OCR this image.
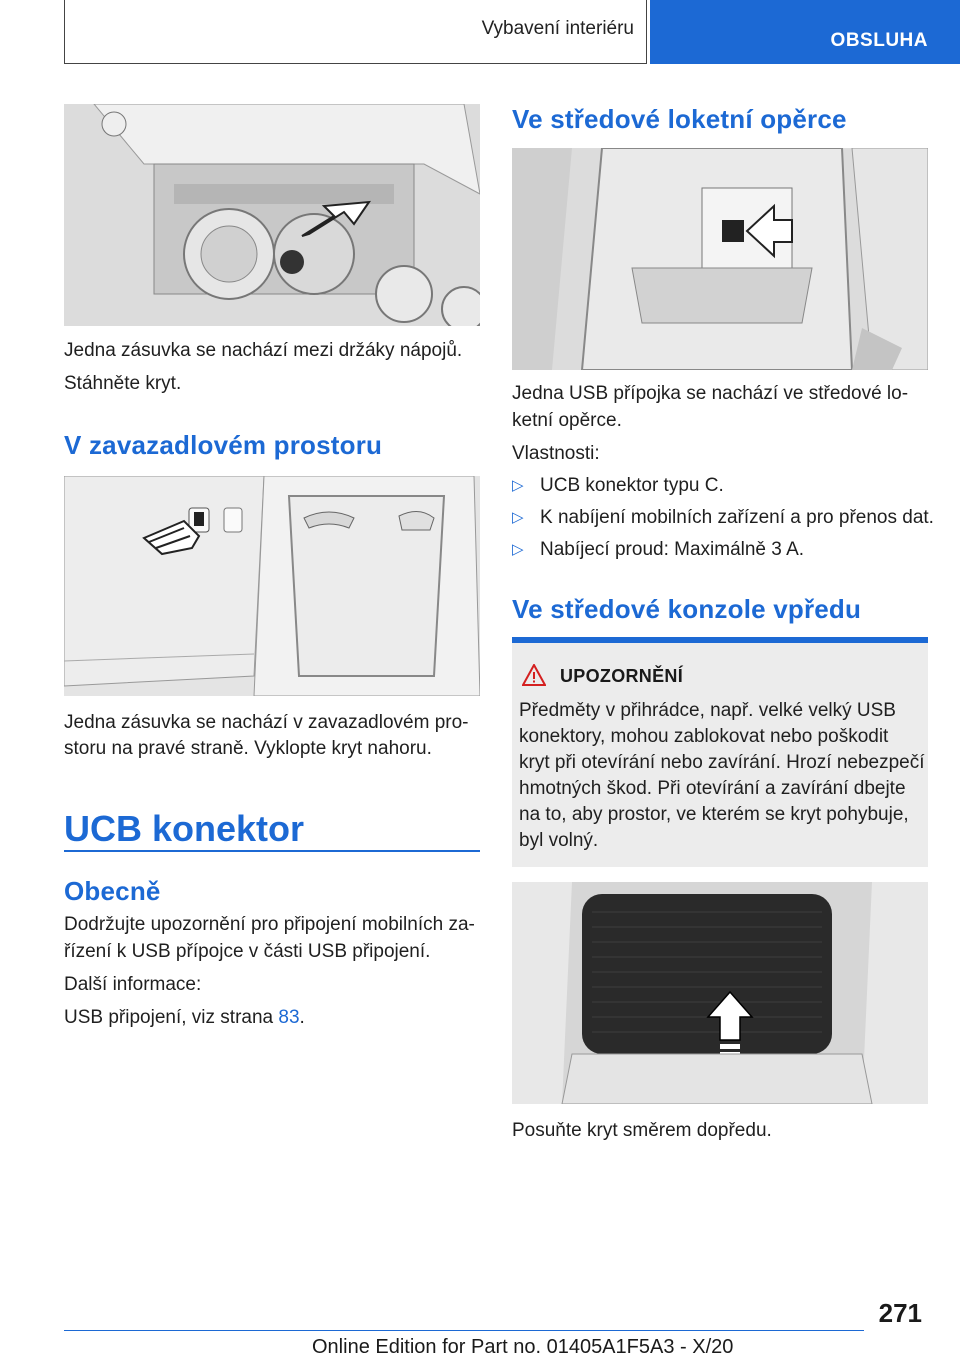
Vybavení interiéru
OBSLUHA

Jedna zásuvka se nachází mezi držáky nápojů.

Stáhněte kryt.

V zavazadlovém prostoru

Jedna zásuvka se nachází v zavazadlovém pro-

storu na pravé straně. Vyklopte kryt nahoru.

UCB konektor
Obecně

Dodržujte upozornění pro připojení mobilních za-

řízení k USB přípojce v části USB připojení.

Další informace:

USB připojení, viz strana 83.

Ve středové loketní opěrce

Jedna USB přípojka se nachází ve středové lo-

ketní opěrce.

Vlastnosti:

▷ UCB konektor typu C.
▷ K nabíjení mobilních zařízení a pro přenos dat.
▷ Nabíjecí proud: Maximálně 3 A.
Ve středové konzole vpředu
UPOZORNĚNÍ

Předměty v přihrádce, např. velké velký USB

konektory, mohou zablokovat nebo poškodit

kryt při otevírání nebo zavírání. Hrozí nebezpečí

hmotných škod. Při otevírání a zavírání dbejte

na to, aby prostor, ve kterém se kryt pohybuje,

byl volný.

Posuňte kryt směrem dopředu.

271
Online Edition for Part no. 01405A1F5A3 - X/20
